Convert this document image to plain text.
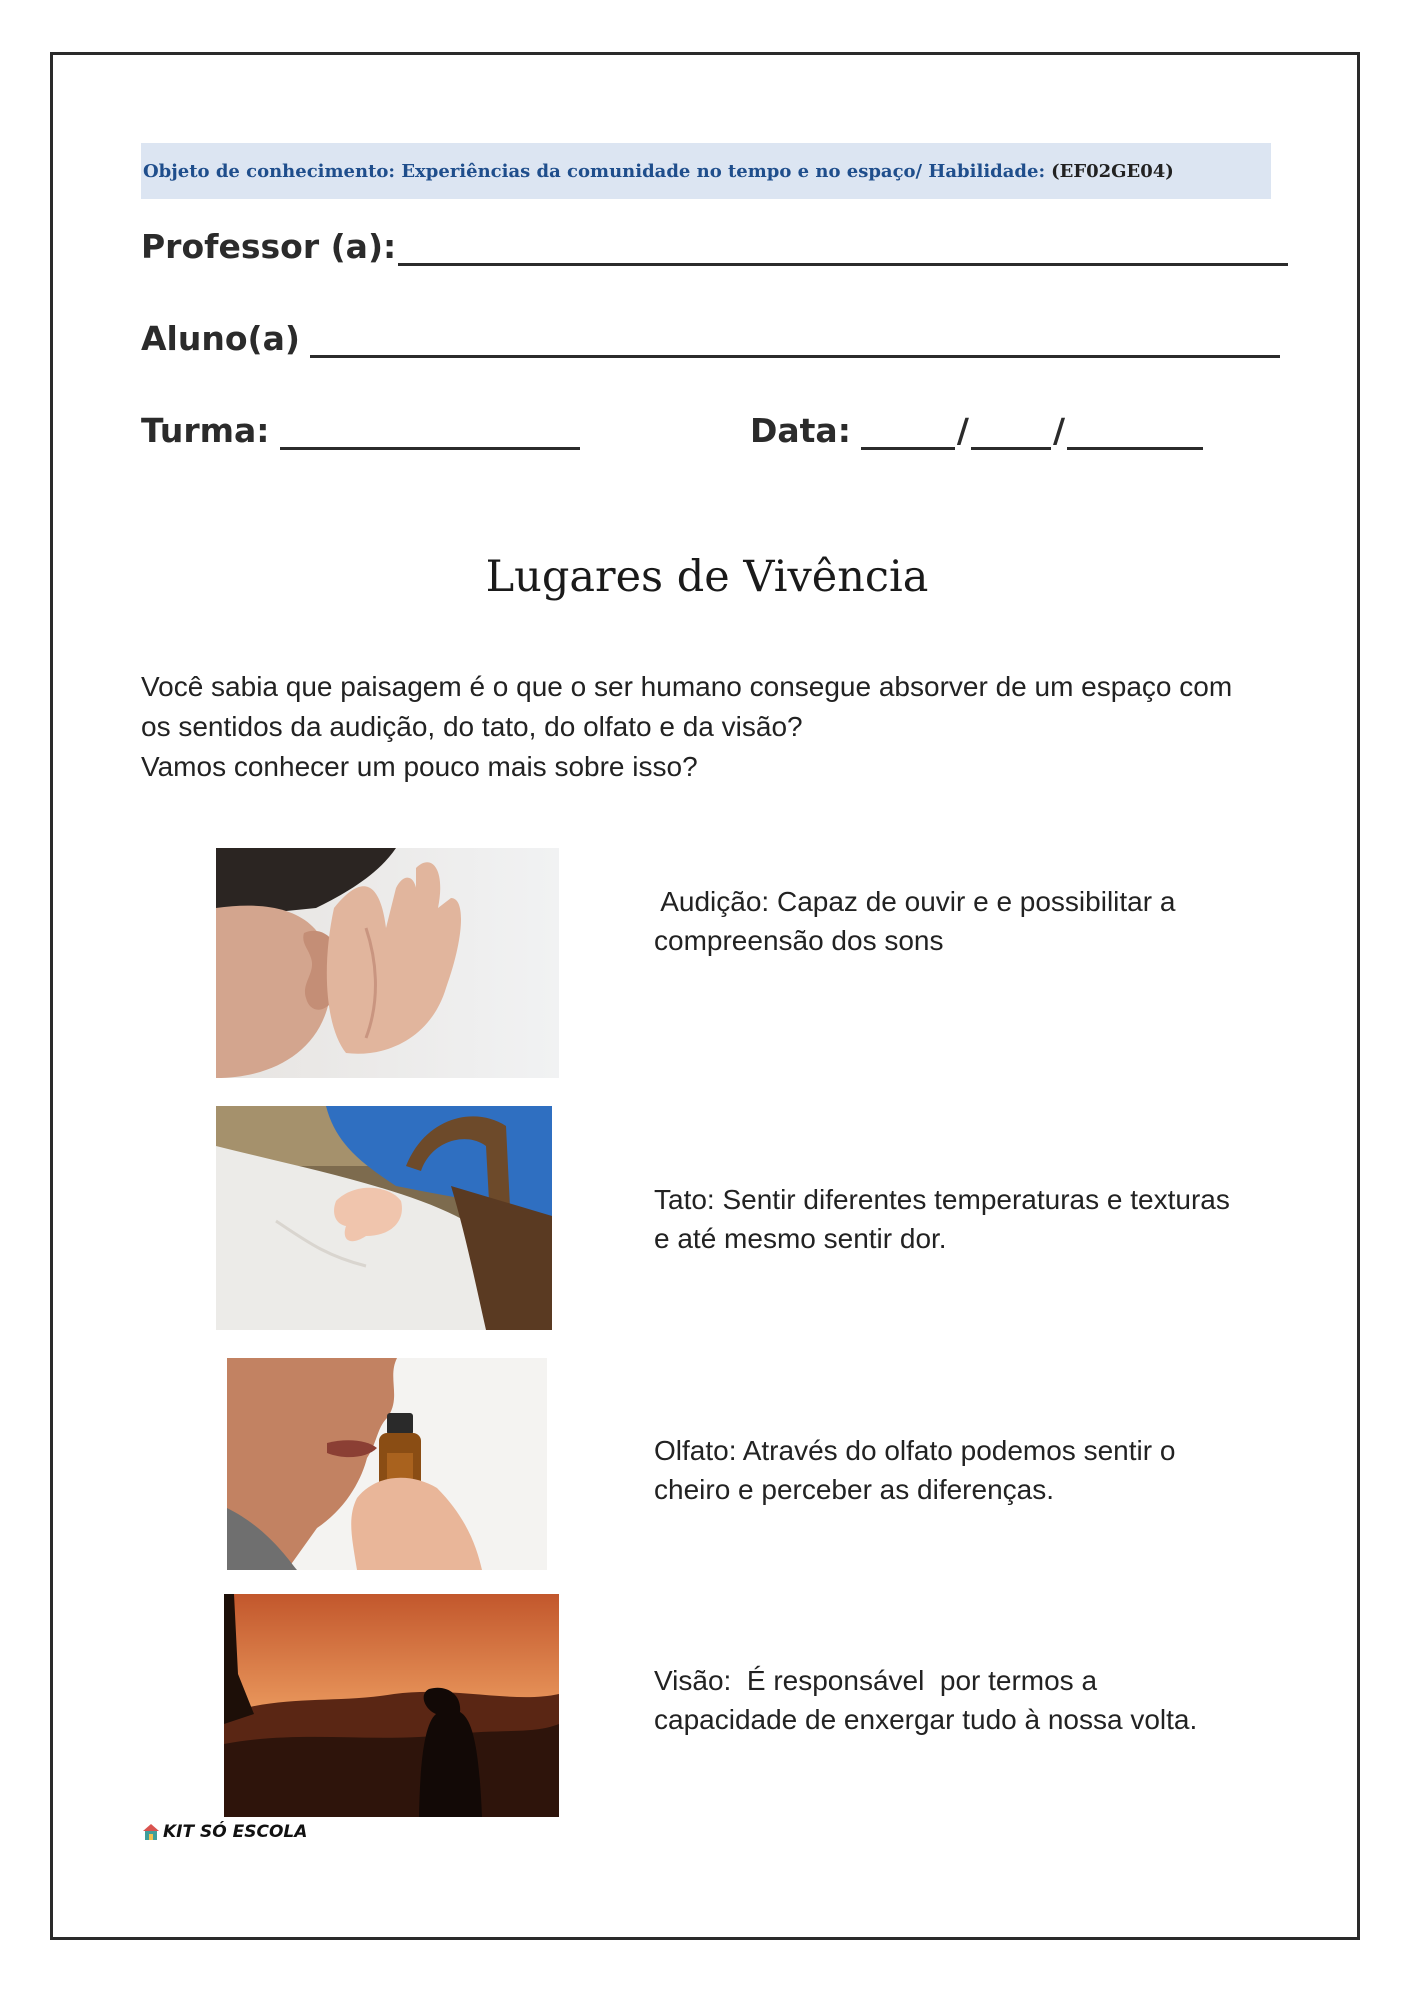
Objeto de conhecimento: Experiências da comunidade no tempo e no espaço/ Habilidade: (EF02GE04)
Professor (a):
Aluno(a)
Turma:	Data:	/	/
Lugares de Vivência

Você sabia que paisagem é o que o ser humano consegue absorver de um espaço com

os sentidos da audição, do tato, do olfato e da visão?

Vamos conhecer um pouco mais sobre isso?

Audição: Capaz de ouvir e e possibilitar a
compreensão dos sons
Tato: Sentir diferentes temperaturas e texturas
e até mesmo sentir dor.
Olfato: Através do olfato podemos sentir o
cheiro e perceber as diferenças.
Visão:  É responsável  por termos a
capacidade de enxergar tudo à nossa volta.
KIT SÓ ESCOLA
